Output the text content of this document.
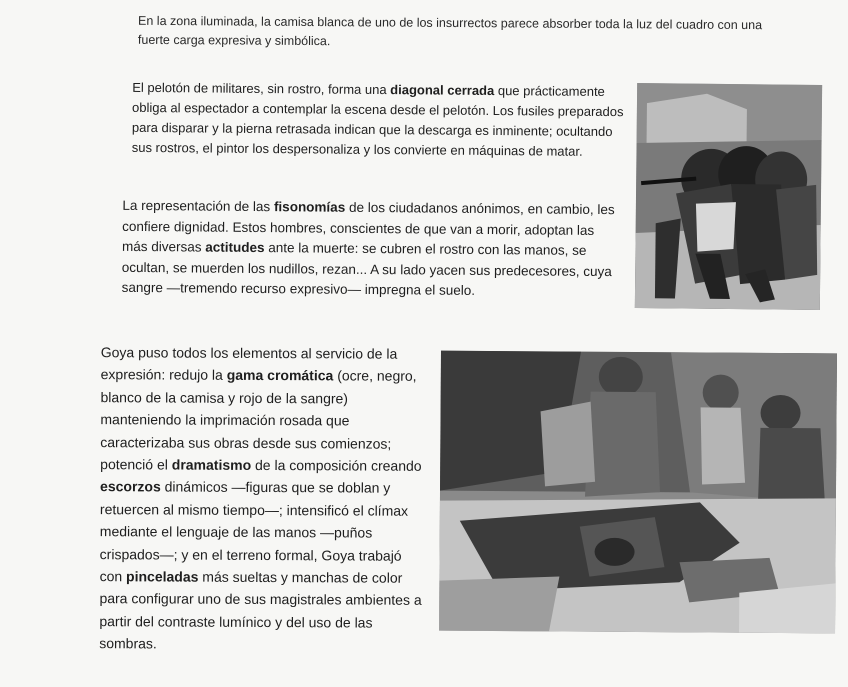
En la zona iluminada, la camisa blanca de uno de los insurrectos parece absorber toda la luz del cuadro con una fuerte carga expresiva y simbólica.

El pelotón de militares, sin rostro, forma una diagonal cerrada que prácticamente obliga al espectador a contemplar la escena desde el pelotón. Los fusiles preparados para disparar y la pierna retrasada indican que la descarga es inminente; ocultando sus rostros, el pintor los despersonaliza y los convierte en máquinas de matar.

La representación de las fisonomías de los ciudadanos anónimos, en cambio, les confiere dignidad. Estos hombres, conscientes de que van a morir, adoptan las más diversas actitudes ante la muerte: se cubren el rostro con las manos, se ocultan, se muerden los nudillos, rezan... A su lado yacen sus predecesores, cuya sangre —tremendo recurso expresivo— impregna el suelo.

Goya puso todos los elementos al servicio de la expresión: redujo la gama cromática (ocre, negro, blanco de la camisa y rojo de la sangre) manteniendo la imprimación rosada que caracterizaba sus obras desde sus comienzos; potenció el dramatismo de la composición creando escorzos dinámicos —figuras que se doblan y retuercen al mismo tiempo—; intensificó el clímax mediante el lenguaje de las manos —puños crispados—; y en el terreno formal, Goya trabajó con pinceladas más sueltas y manchas de color para configurar uno de sus magistrales ambientes a partir del contraste lumínico y del uso de las sombras.
